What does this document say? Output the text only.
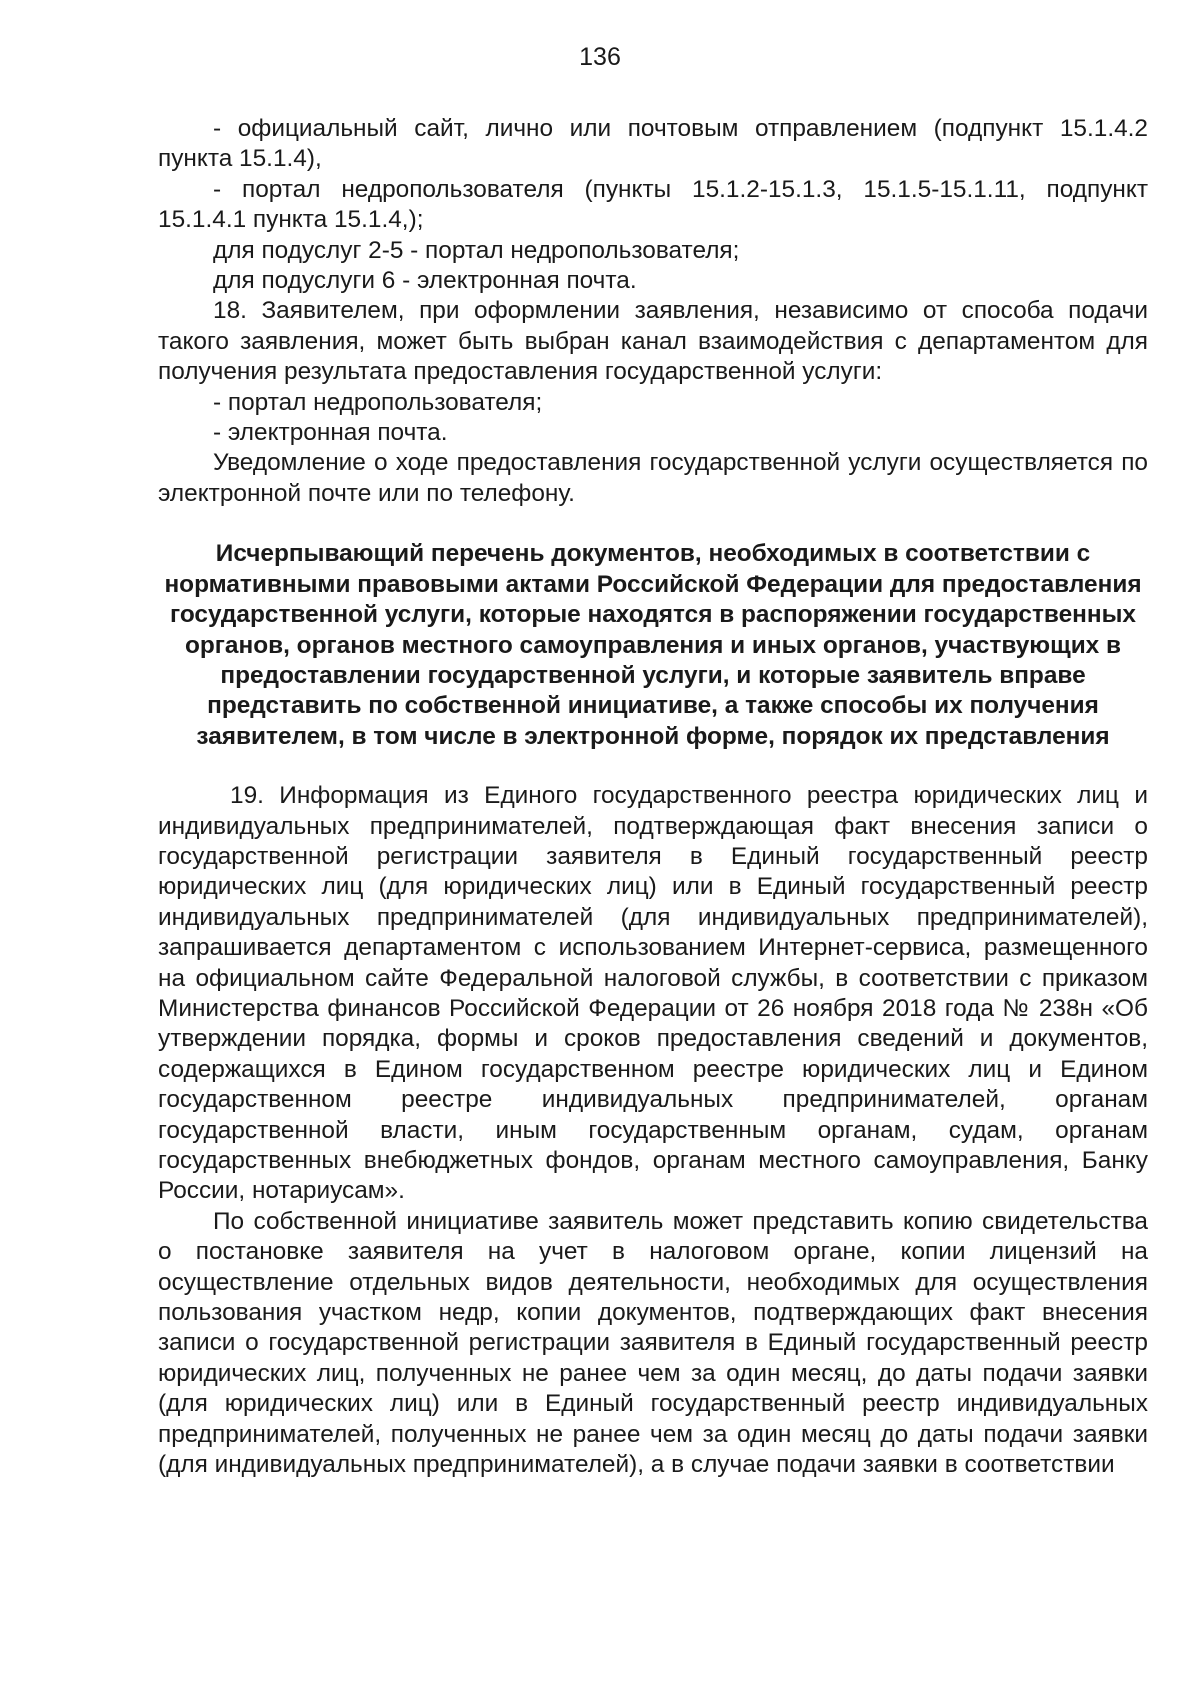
136

- официальный сайт, лично или почтовым отправлением (подпункт 15.1.4.2 пункта 15.1.4),

- портал недропользователя (пункты 15.1.2-15.1.3, 15.1.5-15.1.11, подпункт 15.1.4.1 пункта 15.1.4,);

для подуслуг 2-5 - портал недропользователя;

для подуслуги 6 - электронная почта.

18. Заявителем, при оформлении заявления, независимо от способа подачи такого заявления, может быть выбран канал взаимодействия с департаментом для получения результата предоставления государственной услуги:

- портал недропользователя;

- электронная почта.

Уведомление о ходе предоставления государственной услуги осуществляется по электронной почте или по телефону.

Исчерпывающий перечень документов, необходимых в соответствии с нормативными правовыми актами Российской Федерации для предоставления государственной услуги, которые находятся в распоряжении государственных органов, органов местного самоуправления и иных органов, участвующих в предоставлении государственной услуги, и которые заявитель вправе представить по собственной инициативе, а также способы их получения заявителем, в том числе в электронной форме, порядок их представления

19. Информация из Единого государственного реестра юридических лиц и индивидуальных предпринимателей, подтверждающая факт внесения записи о государственной регистрации заявителя в Единый государственный реестр юридических лиц (для юридических лиц) или в Единый государственный реестр индивидуальных предпринимателей (для индивидуальных предпринимателей), запрашивается департаментом с использованием Интернет-сервиса, размещенного на официальном сайте Федеральной налоговой службы, в соответствии с приказом Министерства финансов Российской Федерации от 26 ноября 2018 года № 238н «Об утверждении порядка, формы и сроков предоставления сведений и документов, содержащихся в Едином государственном реестре юридических лиц и Едином государственном реестре индивидуальных предпринимателей, органам государственной власти, иным государственным органам, судам, органам государственных внебюджетных фондов, органам местного самоуправления, Банку России, нотариусам».

По собственной инициативе заявитель может представить копию свидетельства о постановке заявителя на учет в налоговом органе, копии лицензий на осуществление отдельных видов деятельности, необходимых для осуществления пользования участком недр, копии документов, подтверждающих факт внесения записи о государственной регистрации заявителя в Единый государственный реестр юридических лиц, полученных не ранее чем за один месяц, до даты подачи заявки (для юридических лиц) или в Единый государственный реестр индивидуальных предпринимателей, полученных не ранее чем за один месяц до даты подачи заявки (для индивидуальных предпринимателей), а в случае подачи заявки в соответствии
